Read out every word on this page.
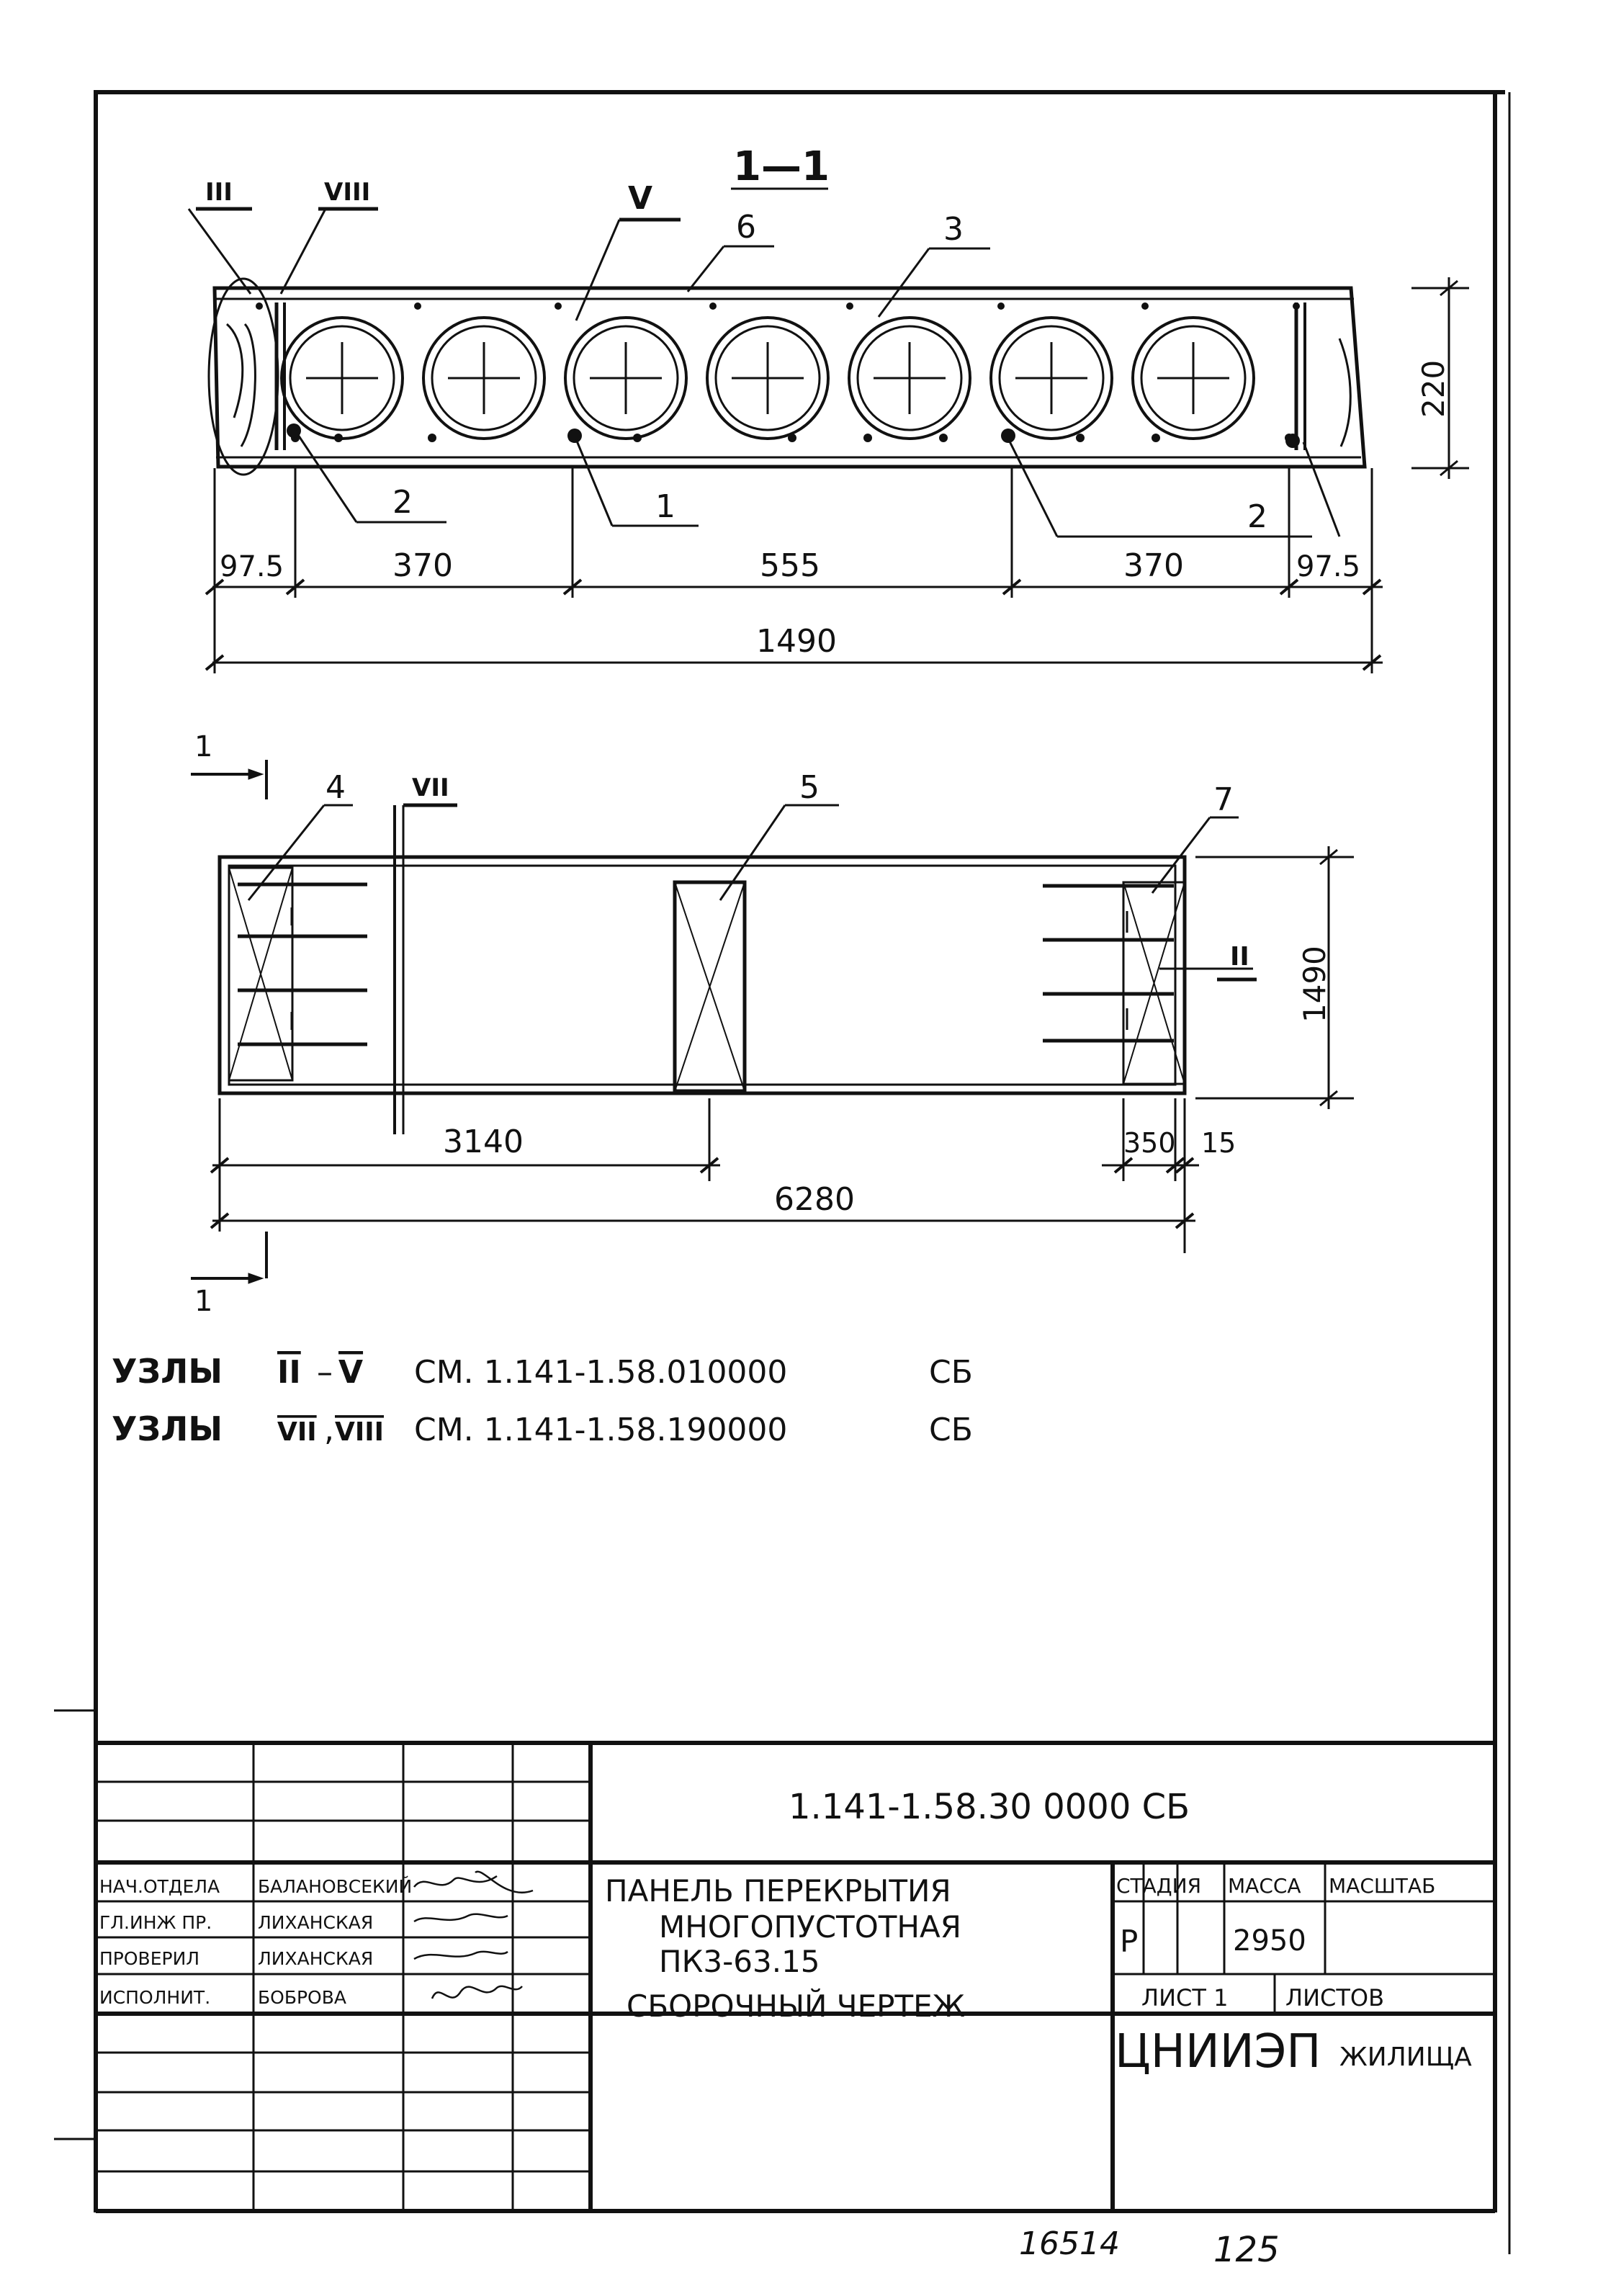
1—1
III	VIII	V
6	3
2	1	2
220
97.5	370	555	370	97.5
1490
1
1
VII
II
4	5	7
1490
3140
6280
350 15
УЗЛЫ II – V СМ. 1.141-1.58.010000	СБ
УЗЛЫ VII , VIII СМ. 1.141-1.58.190000	СБ
1.141-1.58.30 0000 СБ
ПАНЕЛЬ ПЕРЕКРЫТИЯ
МНОГОПУСТОТНАЯ
ПК3-63.15
СБОРОЧНЫЙ ЧЕРТЕЖ
НАЧ.ОТДЕЛА БАЛАНОВСЕКИЙ
ГЛ.ИНЖ ПР.	ЛИХАНСКАЯ
ПРОВЕРИЛ	ЛИХАНСКАЯ
ИСПОЛНИТ.	БОБРОВА
СТАДИЯ МАССА МАСШТАБ
Р	2950
ЛИСТ 1 ЛИСТОВ
ЦНИИЭП ЖИЛИЩА
16514	125
